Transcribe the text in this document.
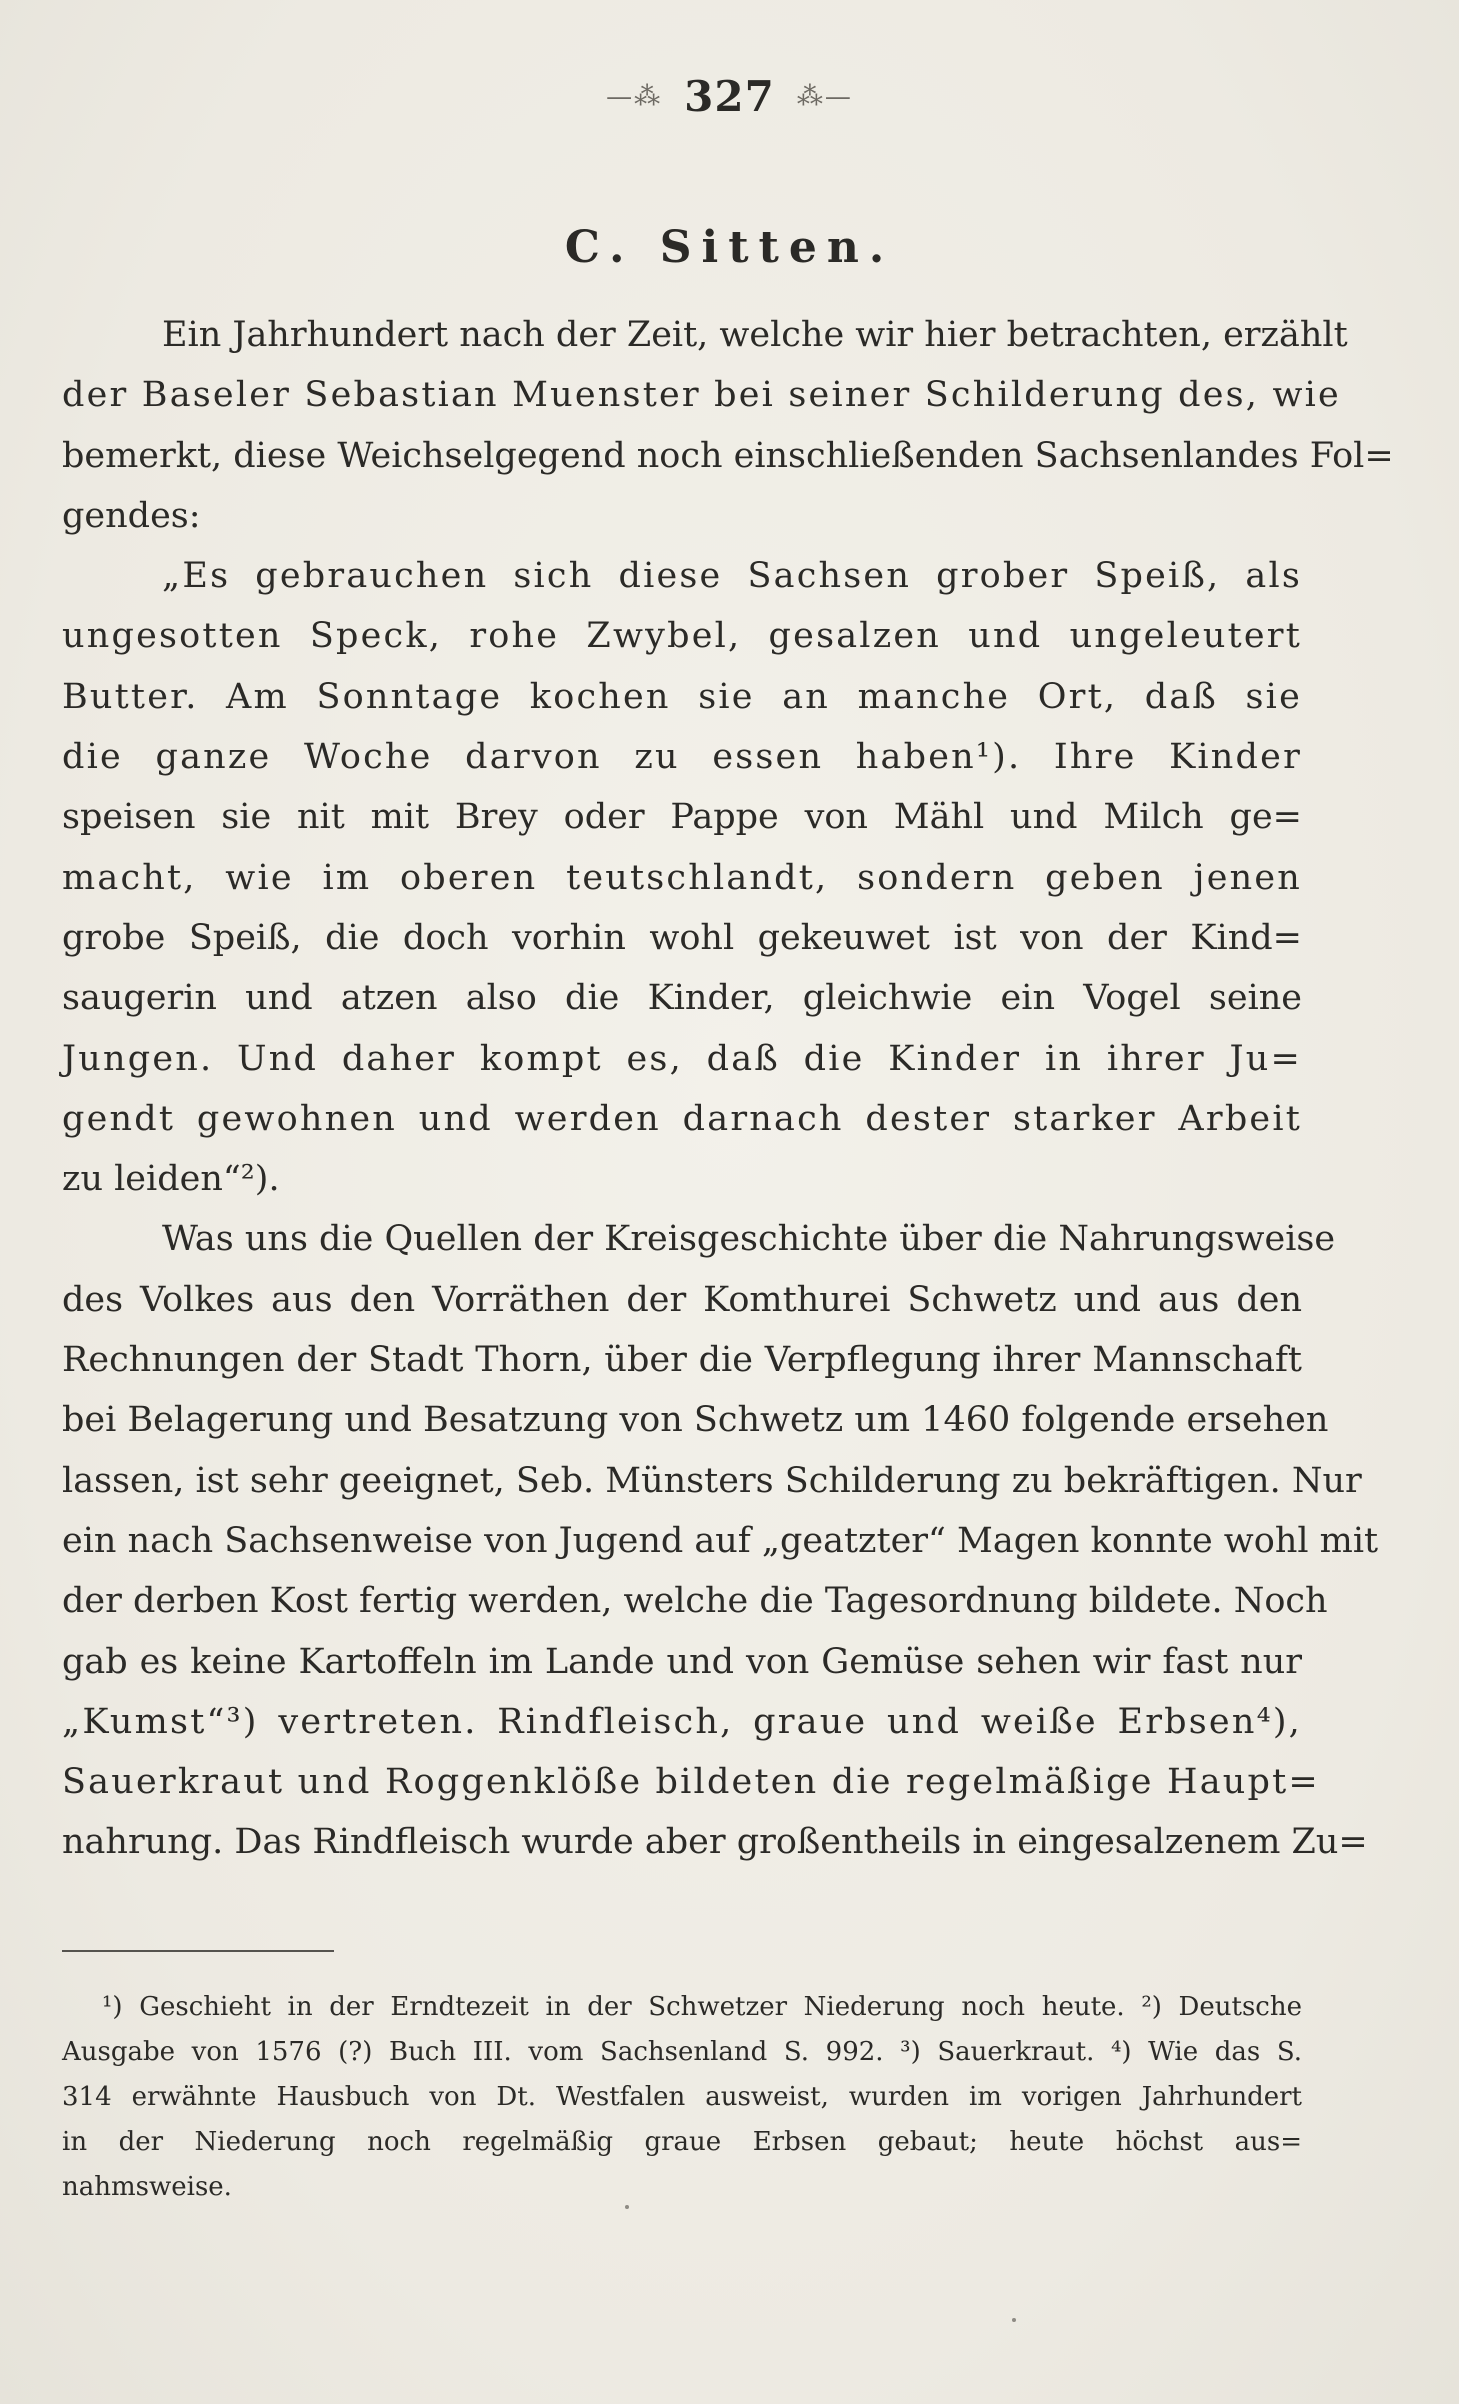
—⁂ 327 ⁂—
C. Sitten.
Ein Jahrhundert nach der Zeit, welche wir hier betrachten, erzählt
der Baseler Sebastian Muenster bei seiner Schilderung des, wie
bemerkt, diese Weichselgegend noch einschließenden Sachsenlandes Fol=
gendes:
„Es gebrauchen sich diese Sachsen grober Speiß, als
ungesotten Speck, rohe Zwybel, gesalzen und ungeleutert
Butter. Am Sonntage kochen sie an manche Ort, daß sie
die ganze Woche darvon zu essen haben¹). Ihre Kinder
speisen sie nit mit Brey oder Pappe von Mähl und Milch ge=
macht, wie im oberen teutschlandt, sondern geben jenen
grobe Speiß, die doch vorhin wohl gekeuwet ist von der Kind=
saugerin und atzen also die Kinder, gleichwie ein Vogel seine
Jungen. Und daher kompt es, daß die Kinder in ihrer Ju=
gendt gewohnen und werden darnach dester starker Arbeit
zu leiden“²).
Was uns die Quellen der Kreisgeschichte über die Nahrungsweise
des Volkes aus den Vorräthen der Komthurei Schwetz und aus den
Rechnungen der Stadt Thorn, über die Verpflegung ihrer Mannschaft
bei Belagerung und Besatzung von Schwetz um 1460 folgende ersehen
lassen, ist sehr geeignet, Seb. Münsters Schilderung zu bekräftigen. Nur
ein nach Sachsenweise von Jugend auf „geatzter“ Magen konnte wohl mit
der derben Kost fertig werden, welche die Tagesordnung bildete. Noch
gab es keine Kartoffeln im Lande und von Gemüse sehen wir fast nur
„Kumst“³) vertreten. Rindfleisch, graue und weiße Erbsen⁴),
Sauerkraut und Roggenklöße bildeten die regelmäßige Haupt=
nahrung. Das Rindfleisch wurde aber großentheils in eingesalzenem Zu=
¹) Geschieht in der Erndtezeit in der Schwetzer Niederung noch heute. ²) Deutsche
Ausgabe von 1576 (?) Buch III. vom Sachsenland S. 992. ³) Sauerkraut. ⁴) Wie das S.
314 erwähnte Hausbuch von Dt. Westfalen ausweist, wurden im vorigen Jahrhundert
in der Niederung noch regelmäßig graue Erbsen gebaut; heute höchst aus=
nahmsweise.
